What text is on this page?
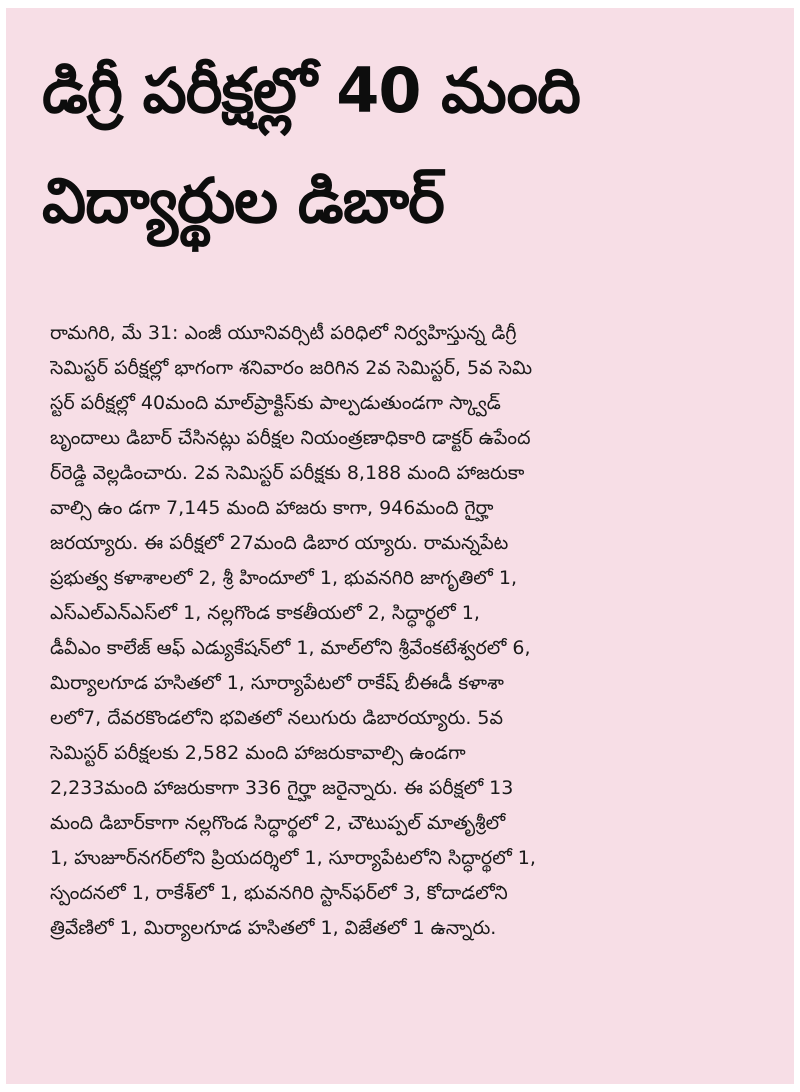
డిగ్రీ పరీక్షల్లో 40 మంది
విద్యార్థుల డిబార్
రామగిరి, మే 31: ఎంజీ యూనివర్సిటీ పరిధిలో నిర్వహిస్తున్న డిగ్రీ
సెమిస్టర్ పరీక్షల్లో భాగంగా శనివారం జరిగిన 2వ సెమిస్టర్, 5వ సెమి
స్టర్ పరీక్షల్లో 40మంది మాల్‌ప్రాక్టిస్‌కు పాల్పడుతుండగా స్క్వాడ్
బృందాలు డిబార్ చేసినట్లు పరీక్షల నియంత్రణాధికారి డాక్టర్ ఉపేంద
ర్‌రెడ్డి వెల్లడించారు. 2వ సెమిస్టర్ పరీక్షకు 8,188 మంది హాజరుకా
వాల్సి ఉం డగా 7,145 మంది హాజరు కాగా, 946మంది గైర్హా
జరయ్యారు. ఈ పరీక్షలో 27మంది డిబార య్యారు. రామన్నపేట
ప్రభుత్వ కళాశాలలో 2, శ్రీ హిందూలో 1, భువనగిరి జాగృతిలో 1,
ఎస్‌ఎల్‌ఎన్‌ఎస్‌లో 1, నల్లగొండ కాకతీయలో 2, సిద్ధార్థలో 1,
డీవీఎం కాలేజ్ ఆఫ్ ఎడ్యుకేషన్‌లో 1, మాల్‌లోని శ్రీవేంకటేశ్వరలో 6,
మిర్యాలగూడ హసితలో 1, సూర్యాపేటలో రాకేష్ బీఈడీ కళాశా
లలో7, దేవరకొండలోని భవితలో నలుగురు డిబారయ్యారు. 5వ
సెమిస్టర్ పరీక్షలకు 2,582 మంది హాజరుకావాల్సి ఉండగా
2,233మంది హాజరుకాగా 336 గైర్హా జరైన్నారు. ఈ పరీక్షలో 13
మంది డిబార్‌కాగా నల్లగొండ సిద్ధార్థలో 2, చౌటుప్పల్ మాతృశ్రీలో
1, హుజూర్‌నగర్‌లోని ప్రియదర్శిలో 1, సూర్యాపేటలోని సిద్ధార్థలో 1,
స్పందనలో 1, రాకేశ్‌లో 1, భువనగిరి స్టాన్‌ఫర్‌లో 3, కోదాడలోని
త్రివేణిలో 1, మిర్యాలగూడ హసితలో 1, విజేతలో 1 ఉన్నారు.
